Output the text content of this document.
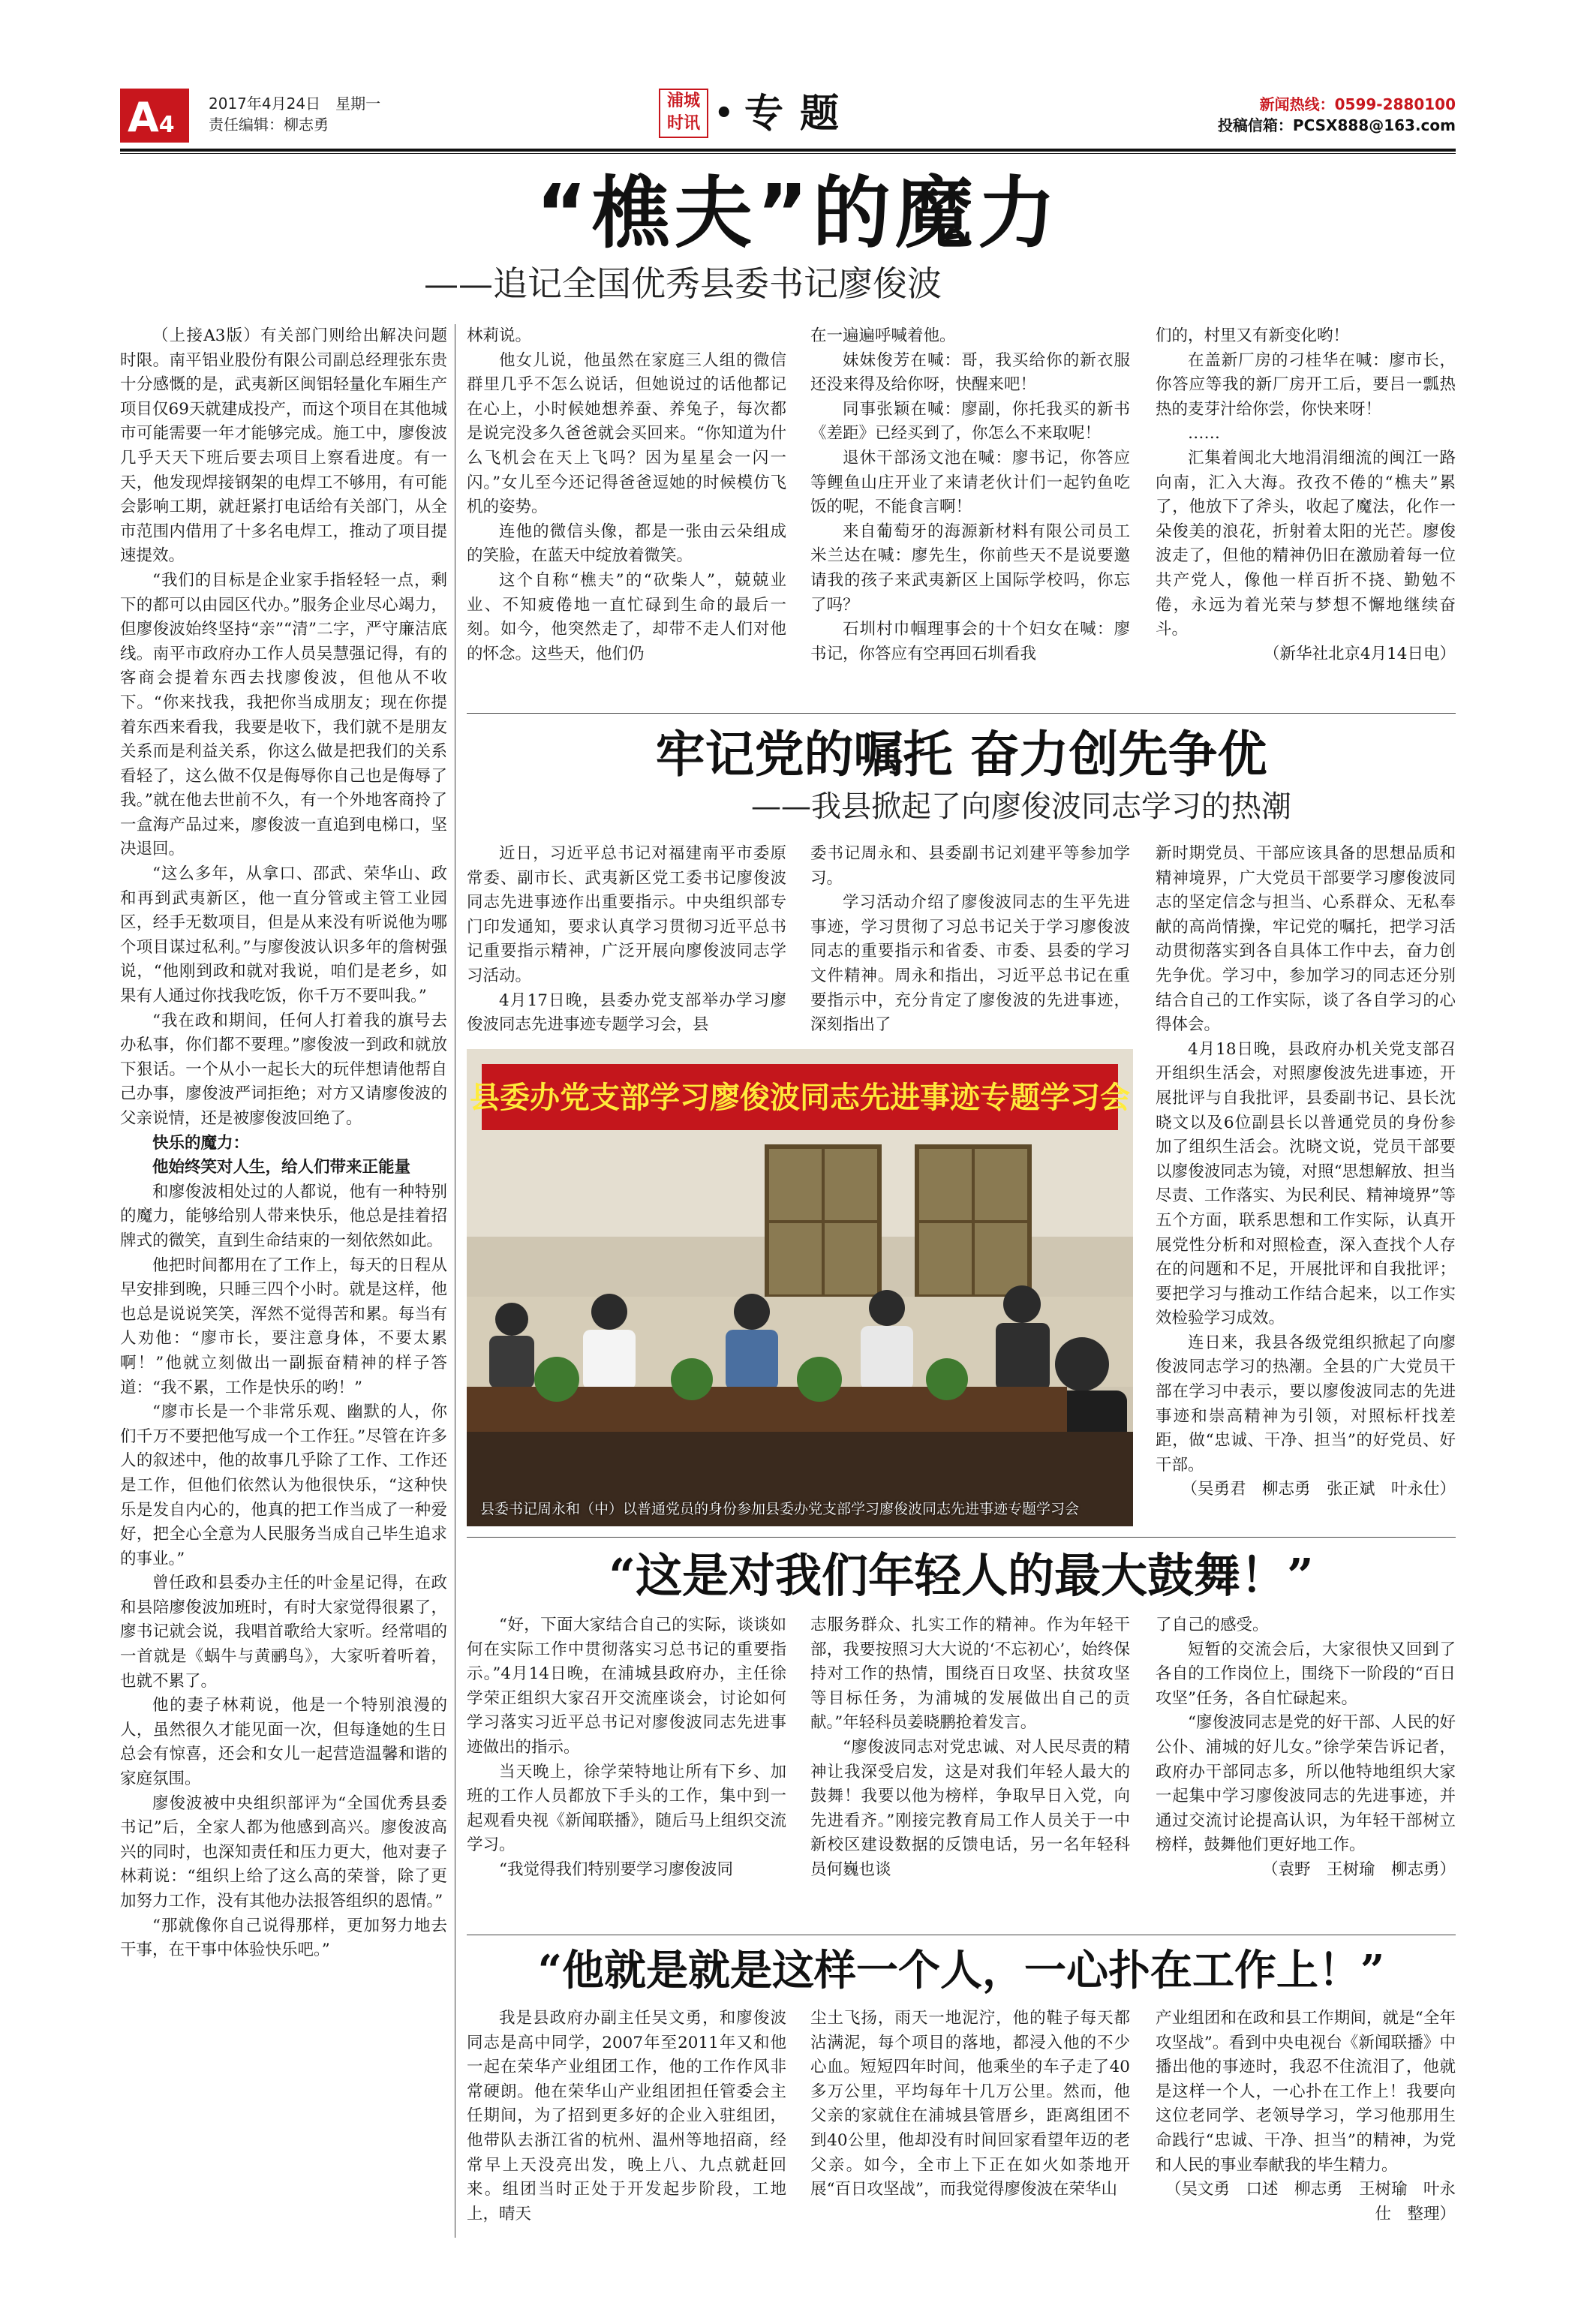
A 4
2017年4月24日　星期一
责任编辑：柳志勇
浦城
时讯 • 专题	新闻热线：0599-2880100
投稿信箱：PCSX888@163.com
“樵夫”的魔力
——追记全国优秀县委书记廖俊波

（上接A3版）有关部门则给出解决问题时限。南平铝业股份有限公司副总经理张东贵十分感慨的是，武夷新区闽铝轻量化车厢生产项目仅69天就建成投产，而这个项目在其他城市可能需要一年才能够完成。施工中，廖俊波几乎天天下班后要去项目上察看进度。有一天，他发现焊接钢架的电焊工不够用，有可能会影响工期，就赶紧打电话给有关部门，从全市范围内借用了十多名电焊工，推动了项目提速提效。

“我们的目标是企业家手指轻轻一点，剩下的都可以由园区代办。”服务企业尽心竭力，但廖俊波始终坚持“亲”“清”二字，严守廉洁底线。南平市政府办工作人员吴慧强记得，有的客商会提着东西去找廖俊波，但他从不收下。“你来找我，我把你当成朋友；现在你提着东西来看我，我要是收下，我们就不是朋友关系而是利益关系，你这么做是把我们的关系看轻了，这么做不仅是侮辱你自己也是侮辱了我。”就在他去世前不久，有一个外地客商拎了一盒海产品过来，廖俊波一直追到电梯口，坚决退回。

“这么多年，从拿口、邵武、荣华山、政和再到武夷新区，他一直分管或主管工业园区，经手无数项目，但是从来没有听说他为哪个项目谋过私利。”与廖俊波认识多年的詹树强说，“他刚到政和就对我说，咱们是老乡，如果有人通过你找我吃饭，你千万不要叫我。”

“我在政和期间，任何人打着我的旗号去办私事，你们都不要理。”廖俊波一到政和就放下狠话。一个从小一起长大的玩伴想请他帮自己办事，廖俊波严词拒绝；对方又请廖俊波的父亲说情，还是被廖俊波回绝了。

快乐的魔力：

他始终笑对人生，给人们带来正能量

和廖俊波相处过的人都说，他有一种特别的魔力，能够给别人带来快乐，他总是挂着招牌式的微笑，直到生命结束的一刻依然如此。

他把时间都用在了工作上，每天的日程从早安排到晚，只睡三四个小时。就是这样，他也总是说说笑笑，浑然不觉得苦和累。每当有人劝他：“廖市长，要注意身体，不要太累啊！”他就立刻做出一副振奋精神的样子答道：“我不累，工作是快乐的哟！”

“廖市长是一个非常乐观、幽默的人，你们千万不要把他写成一个工作狂。”尽管在许多人的叙述中，他的故事几乎除了工作、工作还是工作，但他们依然认为他很快乐，“这种快乐是发自内心的，他真的把工作当成了一种爱好，把全心全意为人民服务当成自己毕生追求的事业。”

曾任政和县委办主任的叶金星记得，在政和县陪廖俊波加班时，有时大家觉得很累了，廖书记就会说，我唱首歌给大家听。经常唱的一首就是《蜗牛与黄鹂鸟》，大家听着听着，也就不累了。

他的妻子林莉说，他是一个特别浪漫的人，虽然很久才能见面一次，但每逢她的生日总会有惊喜，还会和女儿一起营造温馨和谐的家庭氛围。

廖俊波被中央组织部评为“全国优秀县委书记”后，全家人都为他感到高兴。廖俊波高兴的同时，也深知责任和压力更大，他对妻子林莉说：“组织上给了这么高的荣誉，除了更加努力工作，没有其他办法报答组织的恩情。”

“那就像你自己说得那样，更加努力地去干事，在干事中体验快乐吧。”

林莉说。

他女儿说，他虽然在家庭三人组的微信群里几乎不怎么说话，但她说过的话他都记在心上，小时候她想养蚕、养兔子，每次都是说完没多久爸爸就会买回来。“你知道为什么飞机会在天上飞吗？因为星星会一闪一闪。”女儿至今还记得爸爸逗她的时候模仿飞机的姿势。

连他的微信头像，都是一张由云朵组成的笑脸，在蓝天中绽放着微笑。

这个自称“樵夫”的“砍柴人”，兢兢业业、不知疲倦地一直忙碌到生命的最后一刻。如今，他突然走了，却带不走人们对他的怀念。这些天，他们仍

在一遍遍呼喊着他。

妹妹俊芳在喊：哥，我买给你的新衣服还没来得及给你呀，快醒来吧！

同事张颖在喊：廖副，你托我买的新书《差距》已经买到了，你怎么不来取呢！

退休干部汤文池在喊：廖书记，你答应等鲤鱼山庄开业了来请老伙计们一起钓鱼吃饭的呢，不能食言啊！

来自葡萄牙的海源新材料有限公司员工米兰达在喊：廖先生，你前些天不是说要邀请我的孩子来武夷新区上国际学校吗，你忘了吗？

石圳村巾帼理事会的十个妇女在喊：廖书记，你答应有空再回石圳看我

们的，村里又有新变化哟！

在盖新厂房的刁桂华在喊：廖市长，你答应等我的新厂房开工后，要吕一瓢热热的麦芽汁给你尝，你快来呀！

……

汇集着闽北大地涓涓细流的闽江一路向南，汇入大海。孜孜不倦的“樵夫”累了，他放下了斧头，收起了魔法，化作一朵俊美的浪花，折射着太阳的光芒。廖俊波走了，但他的精神仍旧在激励着每一位共产党人，像他一样百折不挠、勤勉不倦，永远为着光荣与梦想不懈地继续奋斗。

（新华社北京4月14日电）

牢记党的嘱托 奋力创先争优
——我县掀起了向廖俊波同志学习的热潮

近日，习近平总书记对福建南平市委原常委、副市长、武夷新区党工委书记廖俊波同志先进事迹作出重要指示。中央组织部专门印发通知，要求认真学习贯彻习近平总书记重要指示精神，广泛开展向廖俊波同志学习活动。

4月17日晚，县委办党支部举办学习廖俊波同志先进事迹专题学习会，县

委书记周永和、县委副书记刘建平等参加学习。

学习活动介绍了廖俊波同志的生平先进事迹，学习贯彻了习总书记关于学习廖俊波同志的重要指示和省委、市委、县委的学习文件精神。周永和指出，习近平总书记在重要指示中，充分肯定了廖俊波的先进事迹，深刻指出了

新时期党员、干部应该具备的思想品质和精神境界，广大党员干部要学习廖俊波同志的坚定信念与担当、心系群众、无私奉献的高尚情操，牢记党的嘱托，把学习活动贯彻落实到各自具体工作中去，奋力创先争优。学习中，参加学习的同志还分别结合自己的工作实际，谈了各自学习的心得体会。

4月18日晚，县政府办机关党支部召开组织生活会，对照廖俊波先进事迹，开展批评与自我批评，县委副书记、县长沈晓文以及6位副县长以普通党员的身份参加了组织生活会。沈晓文说，党员干部要以廖俊波同志为镜，对照“思想解放、担当尽责、工作落实、为民利民、精神境界”等五个方面，联系思想和工作实际，认真开展党性分析和对照检查，深入查找个人存在的问题和不足，开展批评和自我批评；要把学习与推动工作结合起来，以工作实效检验学习成效。

连日来，我县各级党组织掀起了向廖俊波同志学习的热潮。全县的广大党员干部在学习中表示，要以廖俊波同志的先进事迹和崇高精神为引领，对照标杆找差距，做“忠诚、干净、担当”的好党员、好干部。

（吴勇君　柳志勇　张正斌　叶永仕）

县委办党支部学习廖俊波同志先进事迹专题学习会
县委书记周永和（中）以普通党员的身份参加县委办党支部学习廖俊波同志先进事迹专题学习会
“这是对我们年轻人的最大鼓舞！”

“好，下面大家结合自己的实际，谈谈如何在实际工作中贯彻落实习总书记的重要指示。”4月14日晚，在浦城县政府办，主任徐学荣正组织大家召开交流座谈会，讨论如何学习落实习近平总书记对廖俊波同志先进事迹做出的指示。

当天晚上，徐学荣特地让所有下乡、加班的工作人员都放下手头的工作，集中到一起观看央视《新闻联播》，随后马上组织交流学习。

“我觉得我们特别要学习廖俊波同

志服务群众、扎实工作的精神。作为年轻干部，我要按照习大大说的‘不忘初心’，始终保持对工作的热情，围绕百日攻坚、扶贫攻坚等目标任务，为浦城的发展做出自己的贡献。”年轻科员姜晓鹏抢着发言。

“廖俊波同志对党忠诚、对人民尽责的精神让我深受启发，这是对我们年轻人最大的鼓舞！我要以他为榜样，争取早日入党，向先进看齐。”刚接完教育局工作人员关于一中新校区建设数据的反馈电话，另一名年轻科员何巍也谈

了自己的感受。

短暂的交流会后，大家很快又回到了各自的工作岗位上，围绕下一阶段的“百日攻坚”任务，各自忙碌起来。

“廖俊波同志是党的好干部、人民的好公仆、浦城的好儿女。”徐学荣告诉记者，政府办干部同志多，所以他特地组织大家一起集中学习廖俊波同志的先进事迹，并通过交流讨论提高认识，为年轻干部树立榜样，鼓舞他们更好地工作。

（袁野　王树瑜　柳志勇）

“他就是就是这样一个人，一心扑在工作上！”

我是县政府办副主任吴文勇，和廖俊波同志是高中同学，2007年至2011年又和他一起在荣华产业组团工作，他的工作作风非常硬朗。他在荣华山产业组团担任管委会主任期间，为了招到更多好的企业入驻组团，他带队去浙江省的杭州、温州等地招商，经常早上天没亮出发，晚上八、九点就赶回来。组团当时正处于开发起步阶段，工地上，晴天

尘土飞扬，雨天一地泥泞，他的鞋子每天都沾满泥，每个项目的落地，都浸入他的不少心血。短短四年时间，他乘坐的车子走了40多万公里，平均每年十几万公里。然而，他父亲的家就住在浦城县管厝乡，距离组团不到40公里，他却没有时间回家看望年迈的老父亲。如今，全市上下正在如火如荼地开展“百日攻坚战”，而我觉得廖俊波在荣华山

产业组团和在政和县工作期间，就是“全年攻坚战”。看到中央电视台《新闻联播》中播出他的事迹时，我忍不住流泪了，他就是这样一个人，一心扑在工作上！我要向这位老同学、老领导学习，学习他那用生命践行“忠诚、干净、担当”的精神，为党和人民的事业奉献我的毕生精力。

（吴文勇　口述　柳志勇　王树瑜　叶永仕　整理）
